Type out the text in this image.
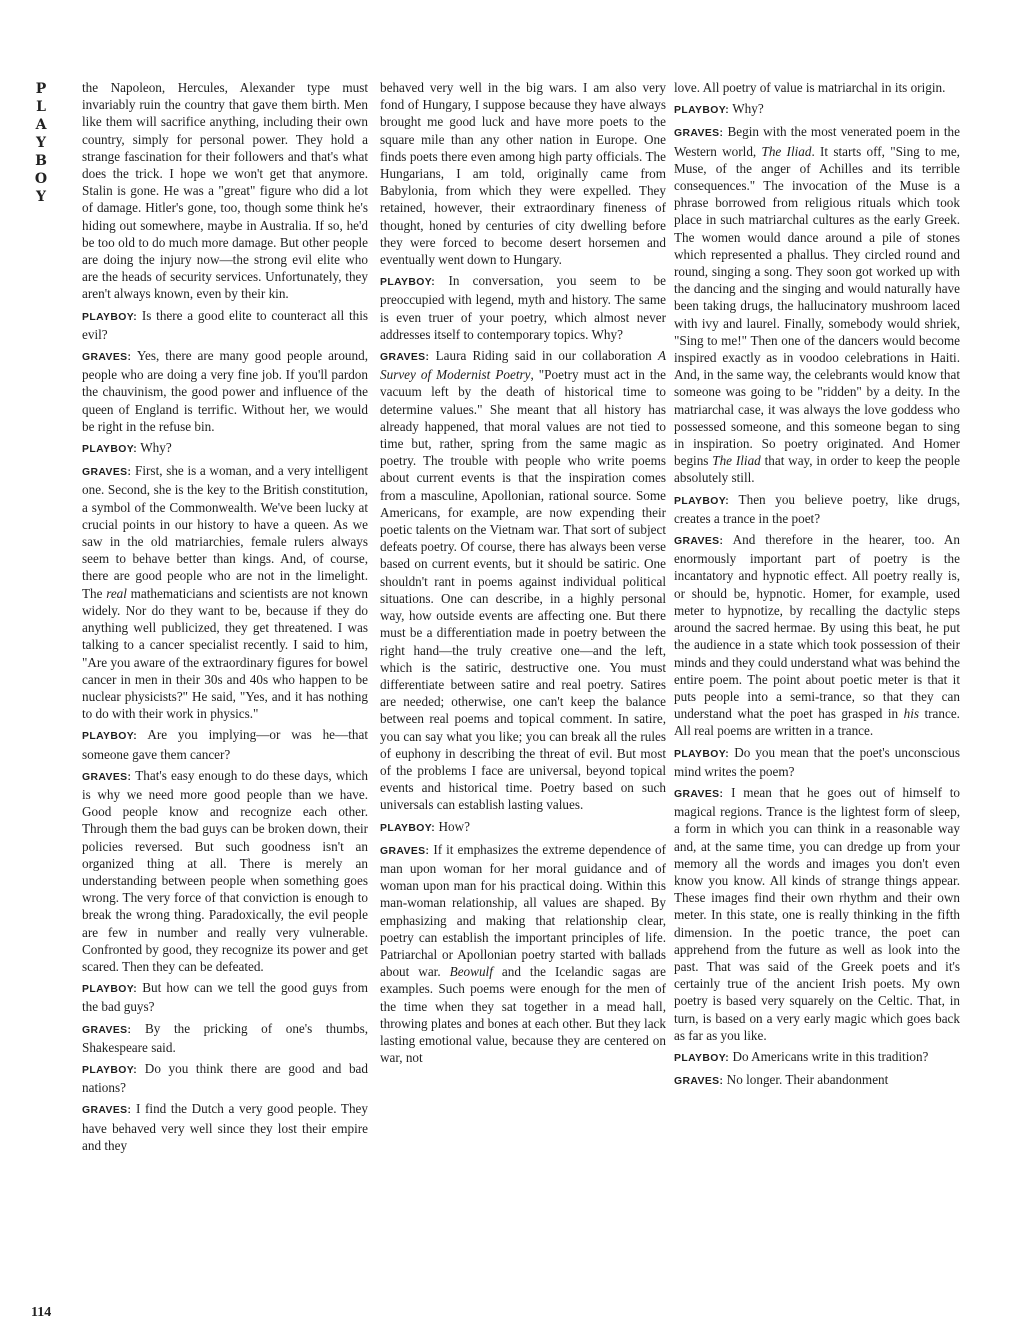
P
L
A
Y
B
O
Y
114

the Napoleon, Hercules, Alexander type must invariably ruin the country that gave them birth. Men like them will sacrifice anything, including their own country, simply for personal power. They hold a strange fascination for their followers and that's what does the trick. I hope we won't get that anymore. Stalin is gone. He was a "great" figure who did a lot of damage. Hitler's gone, too, though some think he's hiding out somewhere, maybe in Australia. If so, he'd be too old to do much more damage. But other people are doing the injury now—the strong evil elite who are the heads of security services. Unfortunately, they aren't always known, even by their kin.

PLAYBOY: Is there a good elite to counteract all this evil?

GRAVES: Yes, there are many good people around, people who are doing a very fine job. If you'll pardon the chauvinism, the good power and influence of the queen of England is terrific. Without her, we would be right in the refuse bin.

PLAYBOY: Why?

GRAVES: First, she is a woman, and a very intelligent one. Second, she is the key to the British constitution, a symbol of the Commonwealth. We've been lucky at crucial points in our history to have a queen. As we saw in the old matriarchies, female rulers always seem to behave better than kings. And, of course, there are good people who are not in the limelight. The real mathematicians and scientists are not known widely. Nor do they want to be, because if they do anything well publicized, they get threatened. I was talking to a cancer specialist recently. I said to him, "Are you aware of the extraordinary figures for bowel cancer in men in their 30s and 40s who happen to be nuclear physicists?" He said, "Yes, and it has nothing to do with their work in physics."

PLAYBOY: Are you implying—or was he—that someone gave them cancer?

GRAVES: That's easy enough to do these days, which is why we need more good people than we have. Good people know and recognize each other. Through them the bad guys can be broken down, their policies reversed. But such goodness isn't an organized thing at all. There is merely an understanding between people when something goes wrong. The very force of that conviction is enough to break the wrong thing. Paradoxically, the evil people are few in number and really very vulnerable. Confronted by good, they recognize its power and get scared. Then they can be defeated.

PLAYBOY: But how can we tell the good guys from the bad guys?

GRAVES: By the pricking of one's thumbs, Shakespeare said.

PLAYBOY: Do you think there are good and bad nations?

GRAVES: I find the Dutch a very good people. They have behaved very well since they lost their empire and they

behaved very well in the big wars. I am also very fond of Hungary, I suppose because they have always brought me good luck and have more poets to the square mile than any other nation in Europe. One finds poets there even among high party officials. The Hungarians, I am told, originally came from Babylonia, from which they were expelled. They retained, however, their extraordinary fineness of thought, honed by centuries of city dwelling before they were forced to become desert horsemen and eventually went down to Hungary.

PLAYBOY: In conversation, you seem to be preoccupied with legend, myth and history. The same is even truer of your poetry, which almost never addresses itself to contemporary topics. Why?

GRAVES: Laura Riding said in our collaboration A Survey of Modernist Poetry, "Poetry must act in the vacuum left by the death of historical time to determine values." She meant that all history has already happened, that moral values are not tied to time but, rather, spring from the same magic as poetry. The trouble with people who write poems about current events is that the inspiration comes from a masculine, Apollonian, rational source. Some Americans, for example, are now expending their poetic talents on the Vietnam war. That sort of subject defeats poetry. Of course, there has always been verse based on current events, but it should be satiric. One shouldn't rant in poems against individual political situations. One can describe, in a highly personal way, how outside events are affecting one. But there must be a differentiation made in poetry between the right hand—the truly creative one—and the left, which is the satiric, destructive one. You must differentiate between satire and real poetry. Satires are needed; otherwise, one can't keep the balance between real poems and topical comment. In satire, you can say what you like; you can break all the rules of euphony in describing the threat of evil. But most of the problems I face are universal, beyond topical events and historical time. Poetry based on such universals can establish lasting values.

PLAYBOY: How?

GRAVES: If it emphasizes the extreme dependence of man upon woman for her moral guidance and of woman upon man for his practical doing. Within this man-woman relationship, all values are shaped. By emphasizing and making that relationship clear, poetry can establish the important principles of life. Patriarchal or Apollonian poetry started with ballads about war. Beowulf and the Icelandic sagas are examples. Such poems were enough for the men of the time when they sat together in a mead hall, throwing plates and bones at each other. But they lack lasting emotional value, because they are centered on war, not

love. All poetry of value is matriarchal in its origin.

PLAYBOY: Why?

GRAVES: Begin with the most venerated poem in the Western world, The Iliad. It starts off, "Sing to me, Muse, of the anger of Achilles and its terrible consequences." The invocation of the Muse is a phrase borrowed from religious rituals which took place in such matriarchal cultures as the early Greek. The women would dance around a pile of stones which represented a phallus. They circled round and round, singing a song. They soon got worked up with the dancing and the singing and would naturally have been taking drugs, the hallucinatory mushroom laced with ivy and laurel. Finally, somebody would shriek, "Sing to me!" Then one of the dancers would become inspired exactly as in voodoo celebrations in Haiti. And, in the same way, the celebrants would know that someone was going to be "ridden" by a deity. In the matriarchal case, it was always the love goddess who possessed someone, and this someone began to sing in inspiration. So poetry originated. And Homer begins The Iliad that way, in order to keep the people absolutely still.

PLAYBOY: Then you believe poetry, like drugs, creates a trance in the poet?

GRAVES: And therefore in the hearer, too. An enormously important part of poetry is the incantatory and hypnotic effect. All poetry really is, or should be, hypnotic. Homer, for example, used meter to hypnotize, by recalling the dactylic steps around the sacred hermae. By using this beat, he put the audience in a state which took possession of their minds and they could understand what was behind the entire poem. The point about poetic meter is that it puts people into a semi-trance, so that they can understand what the poet has grasped in his trance. All real poems are written in a trance.

PLAYBOY: Do you mean that the poet's unconscious mind writes the poem?

GRAVES: I mean that he goes out of himself to magical regions. Trance is the lightest form of sleep, a form in which you can think in a reasonable way and, at the same time, you can dredge up from your memory all the words and images you don't even know you know. All kinds of strange things appear. These images find their own rhythm and their own meter. In this state, one is really thinking in the fifth dimension. In the poetic trance, the poet can apprehend from the future as well as look into the past. That was said of the Greek poets and it's certainly true of the ancient Irish poets. My own poetry is based very squarely on the Celtic. That, in turn, is based on a very early magic which goes back as far as you like.

PLAYBOY: Do Americans write in this tradition?

GRAVES: No longer. Their abandonment
